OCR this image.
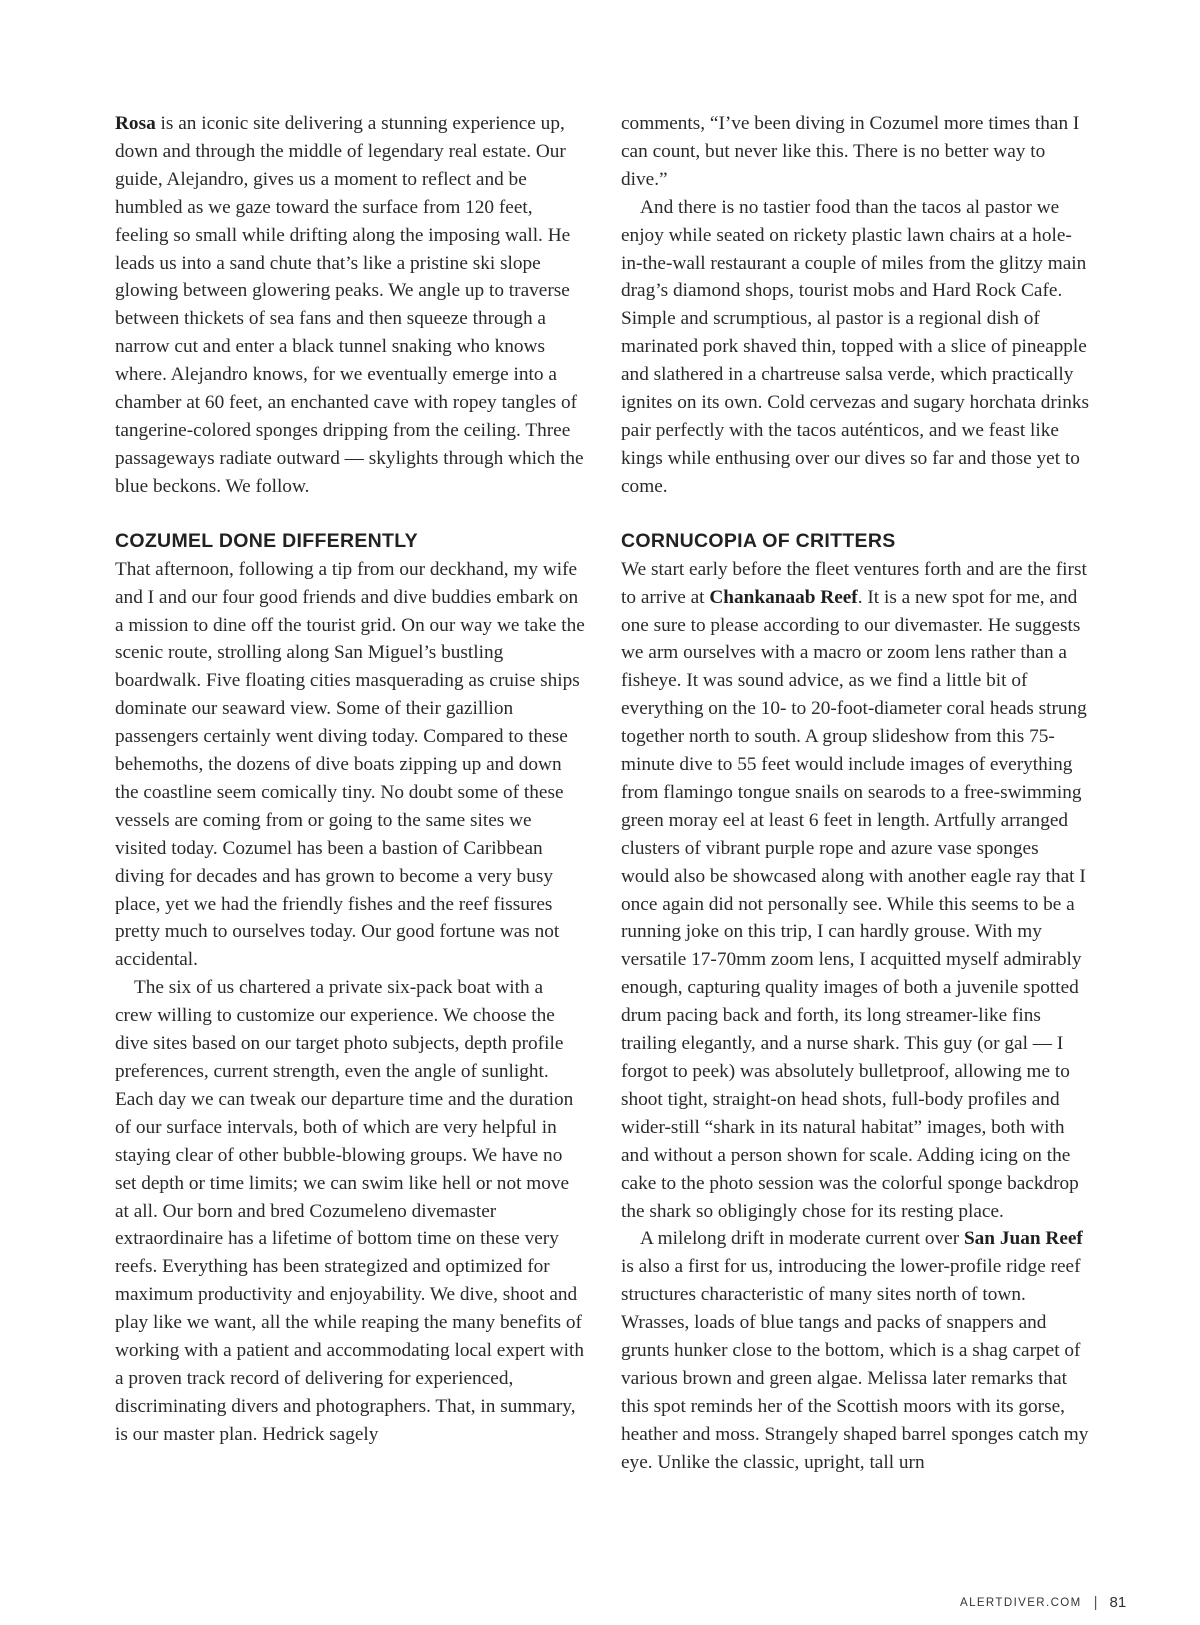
Rosa is an iconic site delivering a stunning experience up, down and through the middle of legendary real estate. Our guide, Alejandro, gives us a moment to reflect and be humbled as we gaze toward the surface from 120 feet, feeling so small while drifting along the imposing wall. He leads us into a sand chute that’s like a pristine ski slope glowing between glowering peaks. We angle up to traverse between thickets of sea fans and then squeeze through a narrow cut and enter a black tunnel snaking who knows where. Alejandro knows, for we eventually emerge into a chamber at 60 feet, an enchanted cave with ropey tangles of tangerine-colored sponges dripping from the ceiling. Three passageways radiate outward — skylights through which the blue beckons. We follow.

COZUMEL DONE DIFFERENTLY

That afternoon, following a tip from our deckhand, my wife and I and our four good friends and dive buddies embark on a mission to dine off the tourist grid. On our way we take the scenic route, strolling along San Miguel’s bustling boardwalk. Five floating cities masquerading as cruise ships dominate our seaward view. Some of their gazillion passengers certainly went diving today. Compared to these behemoths, the dozens of dive boats zipping up and down the coastline seem comically tiny. No doubt some of these vessels are coming from or going to the same sites we visited today. Cozumel has been a bastion of Caribbean diving for decades and has grown to become a very busy place, yet we had the friendly fishes and the reef fissures pretty much to ourselves today. Our good fortune was not accidental.

The six of us chartered a private six-pack boat with a crew willing to customize our experience. We choose the dive sites based on our target photo subjects, depth profile preferences, current strength, even the angle of sunlight. Each day we can tweak our departure time and the duration of our surface intervals, both of which are very helpful in staying clear of other bubble-blowing groups. We have no set depth or time limits; we can swim like hell or not move at all. Our born and bred Cozumeleno divemaster extraordinaire has a lifetime of bottom time on these very reefs. Everything has been strategized and optimized for maximum productivity and enjoyability. We dive, shoot and play like we want, all the while reaping the many benefits of working with a patient and accommodating local expert with a proven track record of delivering for experienced, discriminating divers and photographers. That, in summary, is our master plan. Hedrick sagely

comments, “I’ve been diving in Cozumel more times than I can count, but never like this. There is no better way to dive.”

And there is no tastier food than the tacos al pastor we enjoy while seated on rickety plastic lawn chairs at a hole-in-the-wall restaurant a couple of miles from the glitzy main drag’s diamond shops, tourist mobs and Hard Rock Cafe. Simple and scrumptious, al pastor is a regional dish of marinated pork shaved thin, topped with a slice of pineapple and slathered in a chartreuse salsa verde, which practically ignites on its own. Cold cervezas and sugary horchata drinks pair perfectly with the tacos auténticos, and we feast like kings while enthusing over our dives so far and those yet to come.

CORNUCOPIA OF CRITTERS

We start early before the fleet ventures forth and are the first to arrive at Chankanaab Reef. It is a new spot for me, and one sure to please according to our divemaster. He suggests we arm ourselves with a macro or zoom lens rather than a fisheye. It was sound advice, as we find a little bit of everything on the 10- to 20-foot-diameter coral heads strung together north to south. A group slideshow from this 75-minute dive to 55 feet would include images of everything from flamingo tongue snails on searods to a free-swimming green moray eel at least 6 feet in length. Artfully arranged clusters of vibrant purple rope and azure vase sponges would also be showcased along with another eagle ray that I once again did not personally see. While this seems to be a running joke on this trip, I can hardly grouse. With my versatile 17-70mm zoom lens, I acquitted myself admirably enough, capturing quality images of both a juvenile spotted drum pacing back and forth, its long streamer-like fins trailing elegantly, and a nurse shark. This guy (or gal — I forgot to peek) was absolutely bulletproof, allowing me to shoot tight, straight-on head shots, full-body profiles and wider-still “shark in its natural habitat” images, both with and without a person shown for scale. Adding icing on the cake to the photo session was the colorful sponge backdrop the shark so obligingly chose for its resting place.

A milelong drift in moderate current over San Juan Reef is also a first for us, introducing the lower-profile ridge reef structures characteristic of many sites north of town. Wrasses, loads of blue tangs and packs of snappers and grunts hunker close to the bottom, which is a shag carpet of various brown and green algae. Melissa later remarks that this spot reminds her of the Scottish moors with its gorse, heather and moss. Strangely shaped barrel sponges catch my eye. Unlike the classic, upright, tall urn

ALERTDIVER.COM | 81
